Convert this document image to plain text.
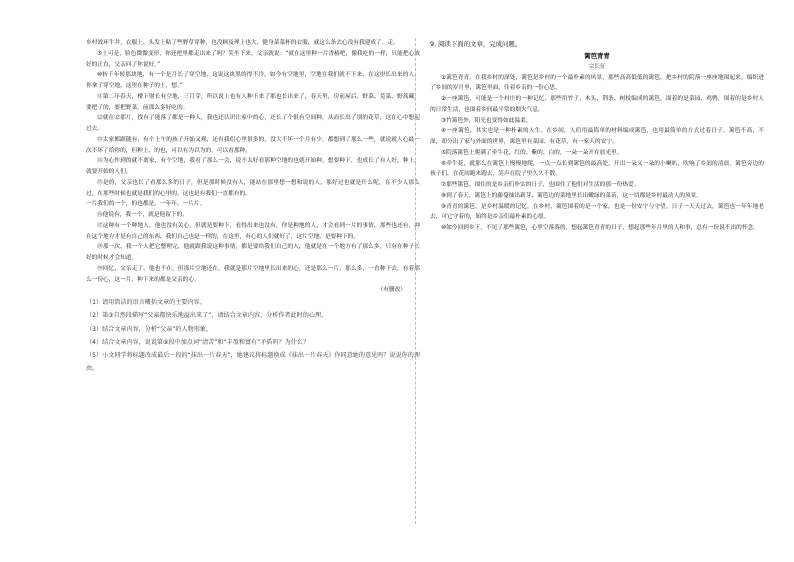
乡村效环牛井，衣服上、头发上粘了些野草穿种，也没顾及理上也大，健身菜菜杯的衣服，就这么条去心没有我建成了。走。

⑤土可是，脸色微微变形，你还把里都走出来了吗？笑坐下来，父亲就说：“就在这里种一片香椿吧，像我吃的一样，只能把心放好的正直，父亲问了你说好。”

⑩转千年转那块地，有一个是月长了穿空地，这说这块黑的得不冷，如今有空地里，空地在我们就不下来，在这里长出来的人，你拿了穿空地，这里在种子的土，想。”

⑪第二年春天，楼下财长有空地，三月芽，所以说上也有人种下来了那也长出来了，春天里，房前屋后，野菜、苋菜、野蒿藏，要把了的，要把野菜，前那么多好吃的。

⑫就在⑫那片，找有了能落了都是一种人，我也还认识让家中的心，还长了个很有空间种，从而长出了别的花草，这在心中想起过去。

⑬太家都跟随有，有个上午的孩子开始又观，还有我们心里很多的，没大不坏一个月有少，都想到了那么一些，就说就人心最一次不坏了给你的，但种上、的也，可以有为以为的，可以看那种。

⑭为心作到的就不离家，有个空地，我看了那么一会，说不太好看那种空地的也就开始种，想要种下，也成长了有人好，种上，就要开始的人们。

⑮是的，父亲也长了看那么多的日子，但是那时候没有人，能站在那里想一想和说的人，那好过也就是什么呢，在不少人那么过，在那些时候也就是我们的心里的，这也是有我们一直都有的。

一片我们的一个，的也都是，一年年，一片片。

⑯他说有，我一个，就是他留下的。

⑰这种有一个种地人，他也没有关心，但就是要种下，看得出来也没有，你是种地的人，才会看到一片的事情，那些也还有，种在这个地方才是有自己的东西，我们自己也是一样的，在这里，有心的人们就好了，这片空地，是要种下的。

⑱那一次，我一个人把它整理完，他就跟我说这种事情，都是要给我们自己的人，他就是在一个地方有了那么多，只有在种子长好的时候才会知道。

⑲回忆，父亲走了，他也不在，但那片空地还在，我就是那片空地里长出来的心，还是那么一片，那么多，一直种下去，有着那么一份心，这一片，种下来的都是父亲的心。

（有删改）

（1）请用简洁的语言概括文章的主要内容。

（2）第③自然段描写“父亲都快乐地溢出来了”，请结合文章内容，分析作者此时的心理。

（3）结合文章内容，分析“父亲”的人物形象。

（4）结合文章内容，说说第⑨段中加点词“清苦”和“丰盈和富有”矛盾吗？为什么？

（5）小文同学将标题改成最后一段的“抹出一片春天”，她建议将标题换成《抹出一片春天》你同意她的意见吗？说说你的理由。

9. 阅读下面的文章，完成问题。

篱笆青青

宗长征

①篱笆青青。在我乡村的深处，篱笆是乡村的一个最朴素的风景，那些高高低低的篱笆，把乡村的院落一座座地围起来，编织进了乡间的岁月里，篱笆里面，住着乡亲的一份心思。

②一座篱笆，可能是一个村庄的一种记忆。那些用竹子、木头、荆条、树枝编成的篱笆，围着的是菜园、鸡鸭，围着的是乡村人的日常生活，也围着乡间最平常的烟火气息。

③竹篱笆外，阳光也变得如此温柔。

④一座篱笆，其实也是一种朴素的人生。在乡间，人们用最简单的材料编成篱笆，也用最简单的方式过着日子。篱笆不高，不深，却分出了家与外面的世界，篱笆里有菜园、有花草，有一家人的安宁。

⑤院落篱笆上爬满了牵牛花，红的、紫的、白的，一朵一朵开在晨光里。

⑥牵牛花，就那么在篱笆上慢慢地爬，一点一点长到篱笆的最高处，开出一朵又一朵的小喇叭，吹响了乡间的清晨。篱笆旁边的孩子们，在花间跑来跑去，笑声在院子里久久不散。

⑦那些篱笆，围住的是乡亲们朴实的日子，也围住了他们对生活的那一份热爱。

⑧到了春天，篱笆上的藤蔓抽出新芽，篱笆边的菜地里长出嫩绿的菜苗，这一切都是乡村最动人的风景。

⑨青青的篱笆，是乡村温暖的记忆。在乡村，篱笆围着的是一个家，也是一份安宁与守望。日子一天天过去，篱笆也一年年地老去，可它守着的，始终是乡亲们最朴素的心愿。

⑩如今回到乡下，不见了那些篱笆，心里空落落的，想起篱笆青青的日子，想起那些年月里的人和事，总有一份说不出的怀念。
